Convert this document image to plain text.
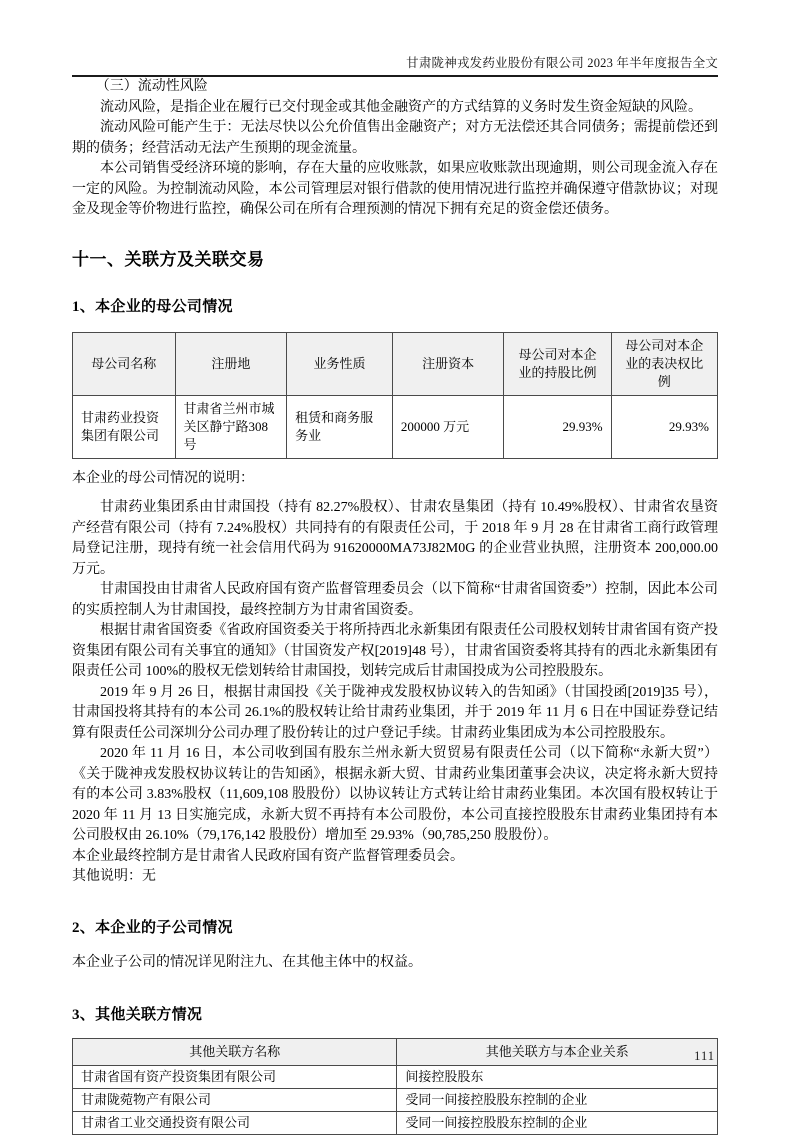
甘肃陇神戎发药业股份有限公司 2023 年半年度报告全文

（三）流动性风险

流动风险，是指企业在履行已交付现金或其他金融资产的方式结算的义务时发生资金短缺的风险。

流动风险可能产生于：无法尽快以公允价值售出金融资产；对方无法偿还其合同债务；需提前偿还到期的债务；经营活动无法产生预期的现金流量。

本公司销售受经济环境的影响，存在大量的应收账款，如果应收账款出现逾期，则公司现金流入存在一定的风险。为控制流动风险，本公司管理层对银行借款的使用情况进行监控并确保遵守借款协议；对现金及现金等价物进行监控，确保公司在所有合理预测的情况下拥有充足的资金偿还债务。

十一、关联方及关联交易
1、本企业的母公司情况
母公司名称	注册地	业务性质	注册资本	母公司对本企业的持股比例	母公司对本企业的表决权比例
甘肃药业投资集团有限公司	甘肃省兰州市城关区静宁路308号	租赁和商务服务业	200000 万元	29.93%	29.93%
本企业的母公司情况的说明：

甘肃药业集团系由甘肃国投（持有 82.27%股权）、甘肃农垦集团（持有 10.49%股权）、甘肃省农垦资产经营有限公司（持有 7.24%股权）共同持有的有限责任公司，于 2018 年 9 月 28 在甘肃省工商行政管理局登记注册，现持有统一社会信用代码为 91620000MA73J82M0G 的企业营业执照，注册资本 200,000.00 万元。

甘肃国投由甘肃省人民政府国有资产监督管理委员会（以下简称“甘肃省国资委”）控制，因此本公司的实质控制人为甘肃国投，最终控制方为甘肃省国资委。

根据甘肃省国资委《省政府国资委关于将所持西北永新集团有限责任公司股权划转甘肃省国有资产投资集团有限公司有关事宜的通知》（甘国资发产权[2019]48 号），甘肃省国资委将其持有的西北永新集团有限责任公司 100%的股权无偿划转给甘肃国投，划转完成后甘肃国投成为公司控股股东。

2019 年 9 月 26 日，根据甘肃国投《关于陇神戎发股权协议转入的告知函》（甘国投函[2019]35 号），甘肃国投将其持有的本公司 26.1%的股权转让给甘肃药业集团，并于 2019 年 11 月 6 日在中国证券登记结算有限责任公司深圳分公司办理了股份转让的过户登记手续。甘肃药业集团成为本公司控股股东。

2020 年 11 月 16 日，本公司收到国有股东兰州永新大贸贸易有限责任公司（以下简称“永新大贸”）《关于陇神戎发股权协议转让的告知函》，根据永新大贸、甘肃药业集团董事会决议，决定将永新大贸持有的本公司 3.83%股权（11,609,108 股股份）以协议转让方式转让给甘肃药业集团。本次国有股权转让于 2020 年 11 月 13 日实施完成，永新大贸不再持有本公司股份，本公司直接控股股东甘肃药业集团持有本公司股权由 26.10%（79,176,142 股股份）增加至 29.93%（90,785,250 股股份）。

本企业最终控制方是甘肃省人民政府国有资产监督管理委员会。

其他说明：无

2、本企业的子公司情况

本企业子公司的情况详见附注九、在其他主体中的权益。

3、其他关联方情况
其他关联方名称	其他关联方与本企业关系
甘肃省国有资产投资集团有限公司	间接控股股东
甘肃陇菀物产有限公司	受同一间接控股股东控制的企业
甘肃省工业交通投资有限公司	受同一间接控股股东控制的企业
111
